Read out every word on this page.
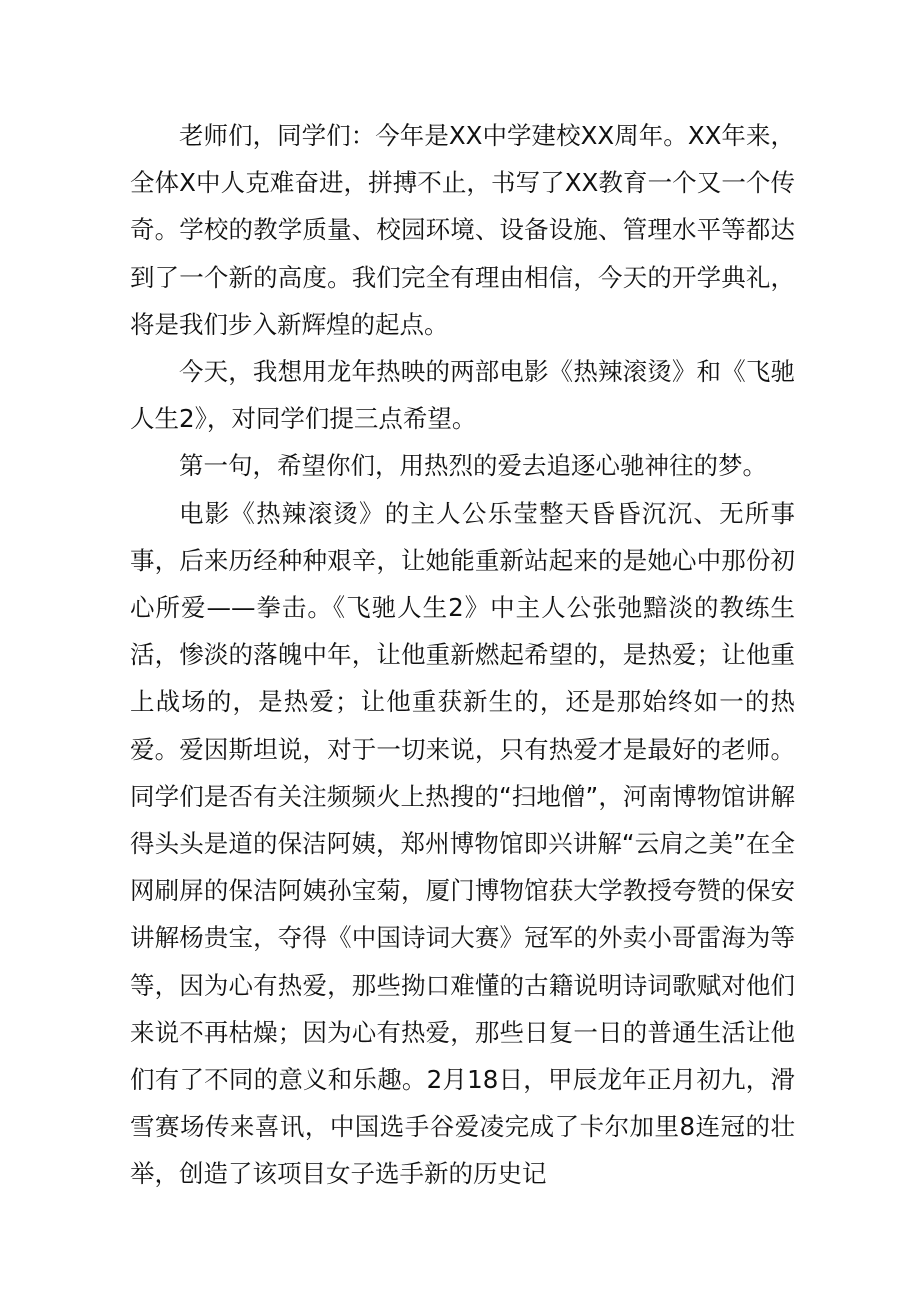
老师们，同学们：今年是XX中学建校XX周年。XX年来，全体X中人克难奋进，拼搏不止，书写了XX教育一个又一个传奇。学校的教学质量、校园环境、设备设施、管理水平等都达到了一个新的高度。我们完全有理由相信，今天的开学典礼，将是我们步入新辉煌的起点。

今天，我想用龙年热映的两部电影《热辣滚烫》和《飞驰人生2》，对同学们提三点希望。

第一句，希望你们，用热烈的爱去追逐心驰神往的梦。

电影《热辣滚烫》的主人公乐莹整天昏昏沉沉、无所事事，后来历经种种艰辛，让她能重新站起来的是她心中那份初心所爱——拳击。《飞驰人生2》中主人公张弛黯淡的教练生活，惨淡的落魄中年，让他重新燃起希望的，是热爱；让他重上战场的，是热爱；让他重获新生的，还是那始终如一的热爱。爱因斯坦说，对于一切来说，只有热爱才是最好的老师。同学们是否有关注频频火上热搜的“扫地僧”，河南博物馆讲解得头头是道的保洁阿姨，郑州博物馆即兴讲解“云肩之美”在全网刷屏的保洁阿姨孙宝菊，厦门博物馆获大学教授夸赞的保安讲解杨贵宝，夺得《中国诗词大赛》冠军的外卖小哥雷海为等等，因为心有热爱，那些拗口难懂的古籍说明诗词歌赋对他们来说不再枯燥；因为心有热爱，那些日复一日的普通生活让他们有了不同的意义和乐趣。2月18日，甲辰龙年正月初九，滑雪赛场传来喜讯，中国选手谷爱凌完成了卡尔加里8连冠的壮举，创造了该项目女子选手新的历史记
